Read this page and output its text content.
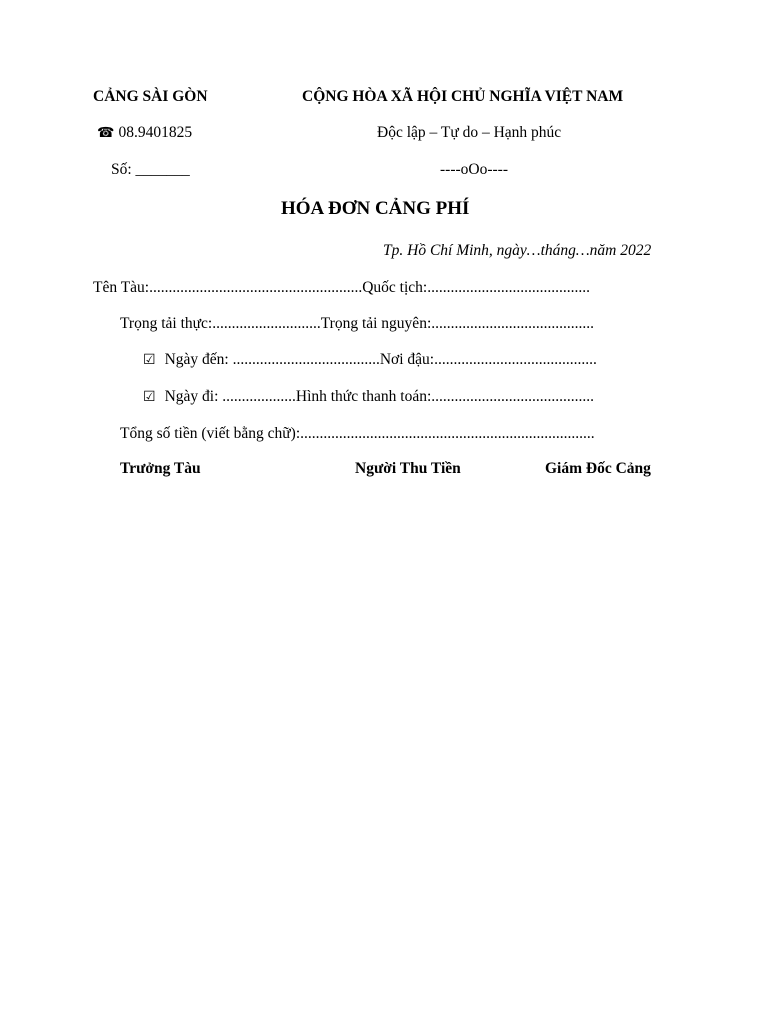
CẢNG SÀI GÒN
☎ 08.9401825
Số: _______
CỘNG HÒA XÃ HỘI CHỦ NGHĨA VIỆT NAM
Độc lập – Tự do – Hạnh phúc
----oOo----
HÓA ĐƠN CẢNG PHÍ
Tp. Hồ Chí Minh, ngày…tháng…năm 2022
Tên Tàu:.......................................................Quốc tịch:..........................................
Trọng tải thực:............................Trọng tải nguyên:..........................................
☑ Ngày đến: ......................................Nơi đậu:..........................................
☑ Ngày đi: ...................Hình thức thanh toán:..........................................
Tổng số tiền (viết bằng chữ):............................................................................
Trưởng Tàu	Người Thu Tiền	Giám Đốc Cảng
